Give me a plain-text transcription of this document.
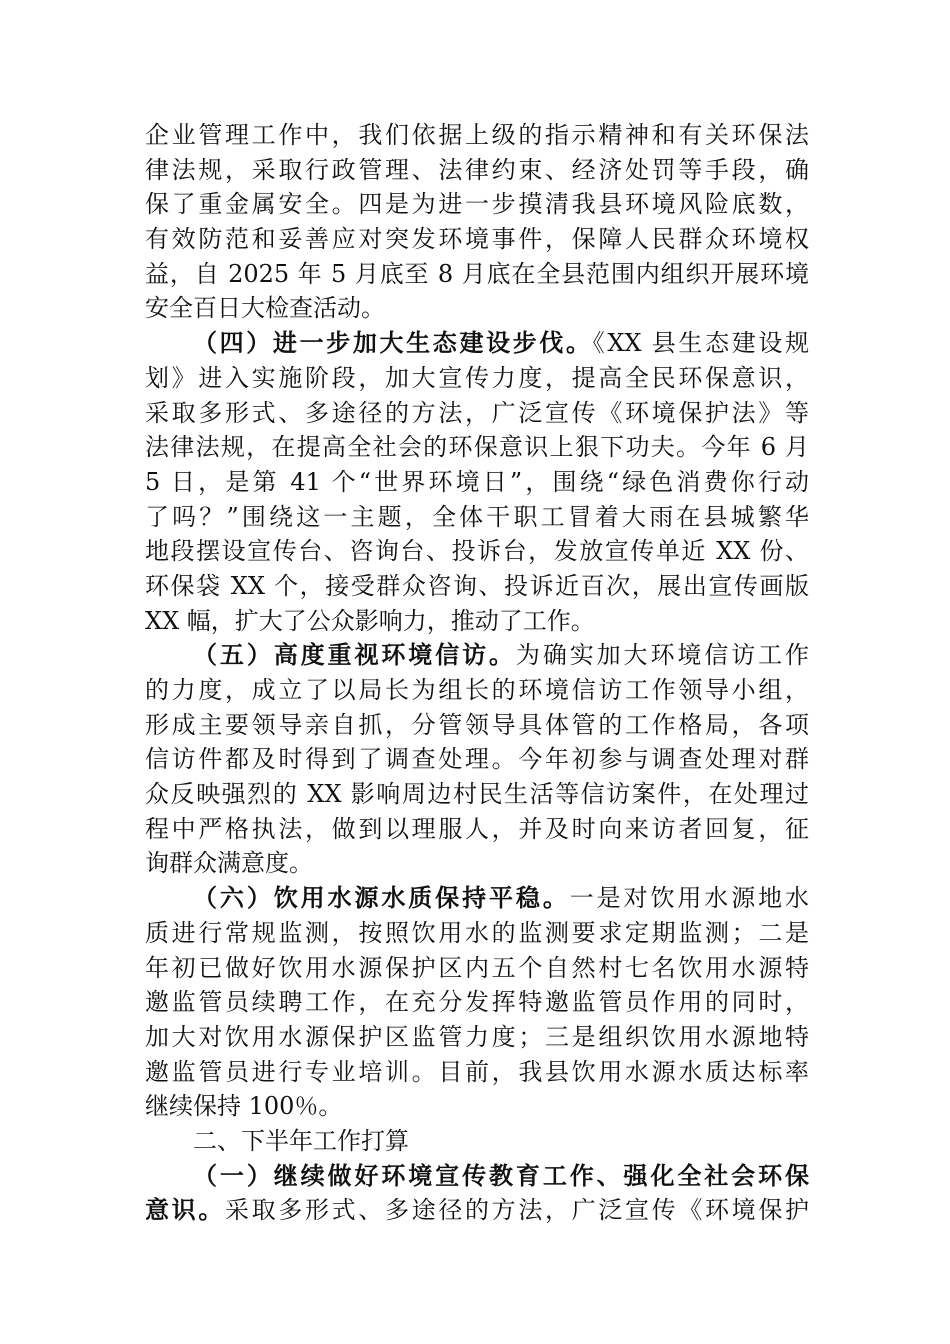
企业管理工作中，我们依据上级的指示精神和有关环保法
律法规，采取行政管理、法律约束、经济处罚等手段，确
保了重金属安全。四是为进一步摸清我县环境风险底数，
有效防范和妥善应对突发环境事件，保障人民群众环境权
益，自 2025 年 5 月底至 8 月底在全县范围内组织开展环境
安全百日大检查活动。
（四）进一步加大生态建设步伐。《XX 县生态建设规
划》进入实施阶段，加大宣传力度，提高全民环保意识，
采取多形式、多途径的方法，广泛宣传《环境保护法》等
法律法规，在提高全社会的环保意识上狠下功夫。今年 6 月
5 日，是第 41 个“世界环境日”，围绕“绿色消费你行动
了吗？”围绕这一主题，全体干职工冒着大雨在县城繁华
地段摆设宣传台、咨询台、投诉台，发放宣传单近 XX 份、
环保袋 XX 个，接受群众咨询、投诉近百次，展出宣传画版
XX 幅，扩大了公众影响力，推动了工作。
（五）高度重视环境信访。为确实加大环境信访工作
的力度，成立了以局长为组长的环境信访工作领导小组，
形成主要领导亲自抓，分管领导具体管的工作格局，各项
信访件都及时得到了调查处理。今年初参与调查处理对群
众反映强烈的 XX 影响周边村民生活等信访案件，在处理过
程中严格执法，做到以理服人，并及时向来访者回复，征
询群众满意度。
（六）饮用水源水质保持平稳。一是对饮用水源地水
质进行常规监测，按照饮用水的监测要求定期监测；二是
年初已做好饮用水源保护区内五个自然村七名饮用水源特
邀监管员续聘工作，在充分发挥特邀监管员作用的同时，
加大对饮用水源保护区监管力度；三是组织饮用水源地特
邀监管员进行专业培训。目前，我县饮用水源水质达标率
继续保持 100％。
二、下半年工作打算
（一）继续做好环境宣传教育工作、强化全社会环保
意识。采取多形式、多途径的方法，广泛宣传《环境保护
